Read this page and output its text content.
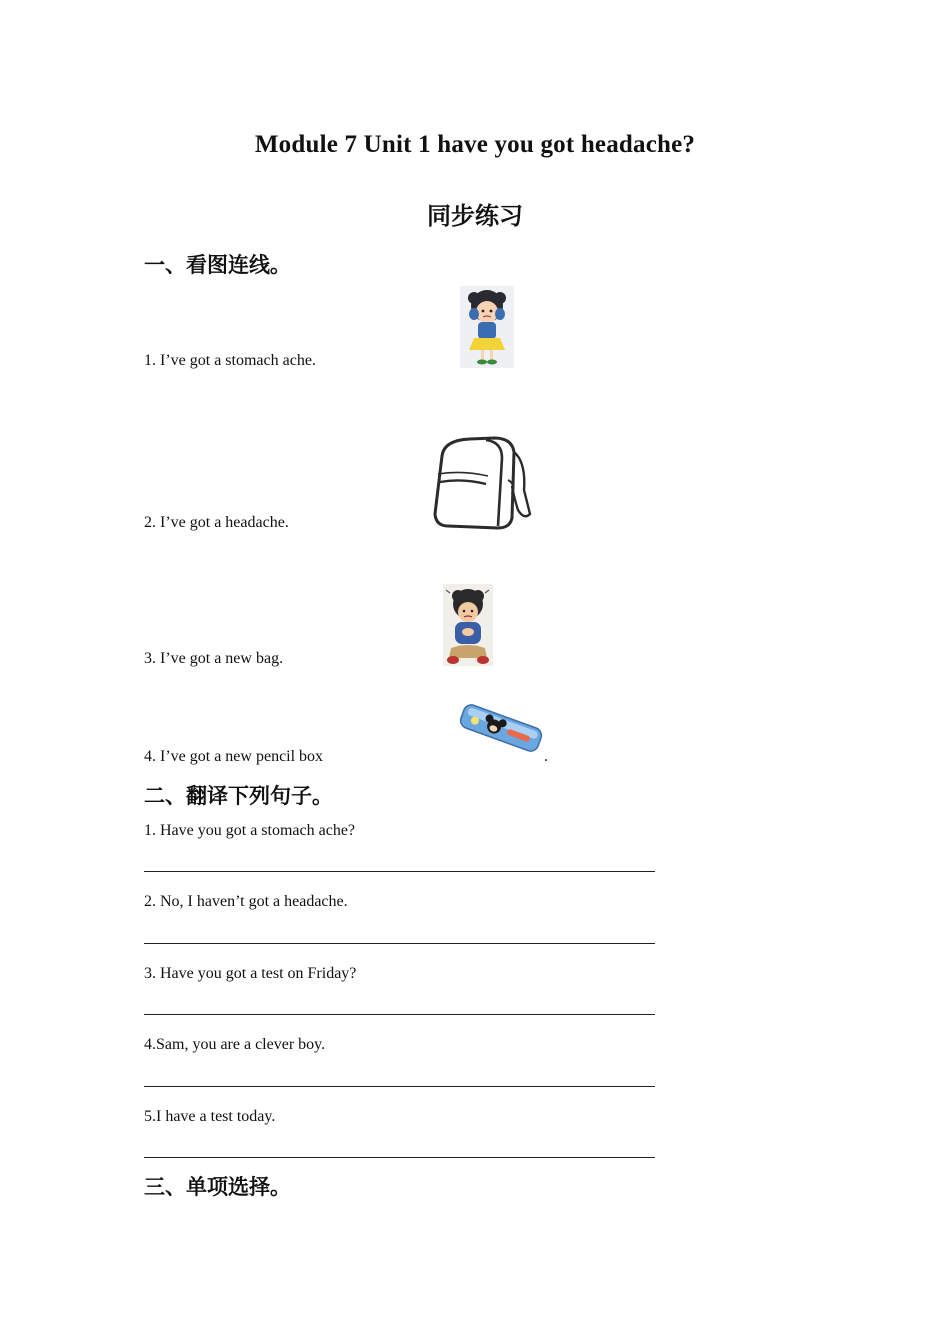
Module 7 Unit 1 have you got headache?
同步练习
一、看图连线。
1. I’ve got a stomach ache.
2. I’ve got a headache.
3. I’ve got a new bag.
4. I’ve got a new pencil box	.
二、翻译下列句子。
1. Have you got a stomach ache?
2. No, I haven’t got a headache.
3. Have you got a test on Friday?
4.Sam, you are a clever boy.
5.I have a test today.
三、单项选择。
